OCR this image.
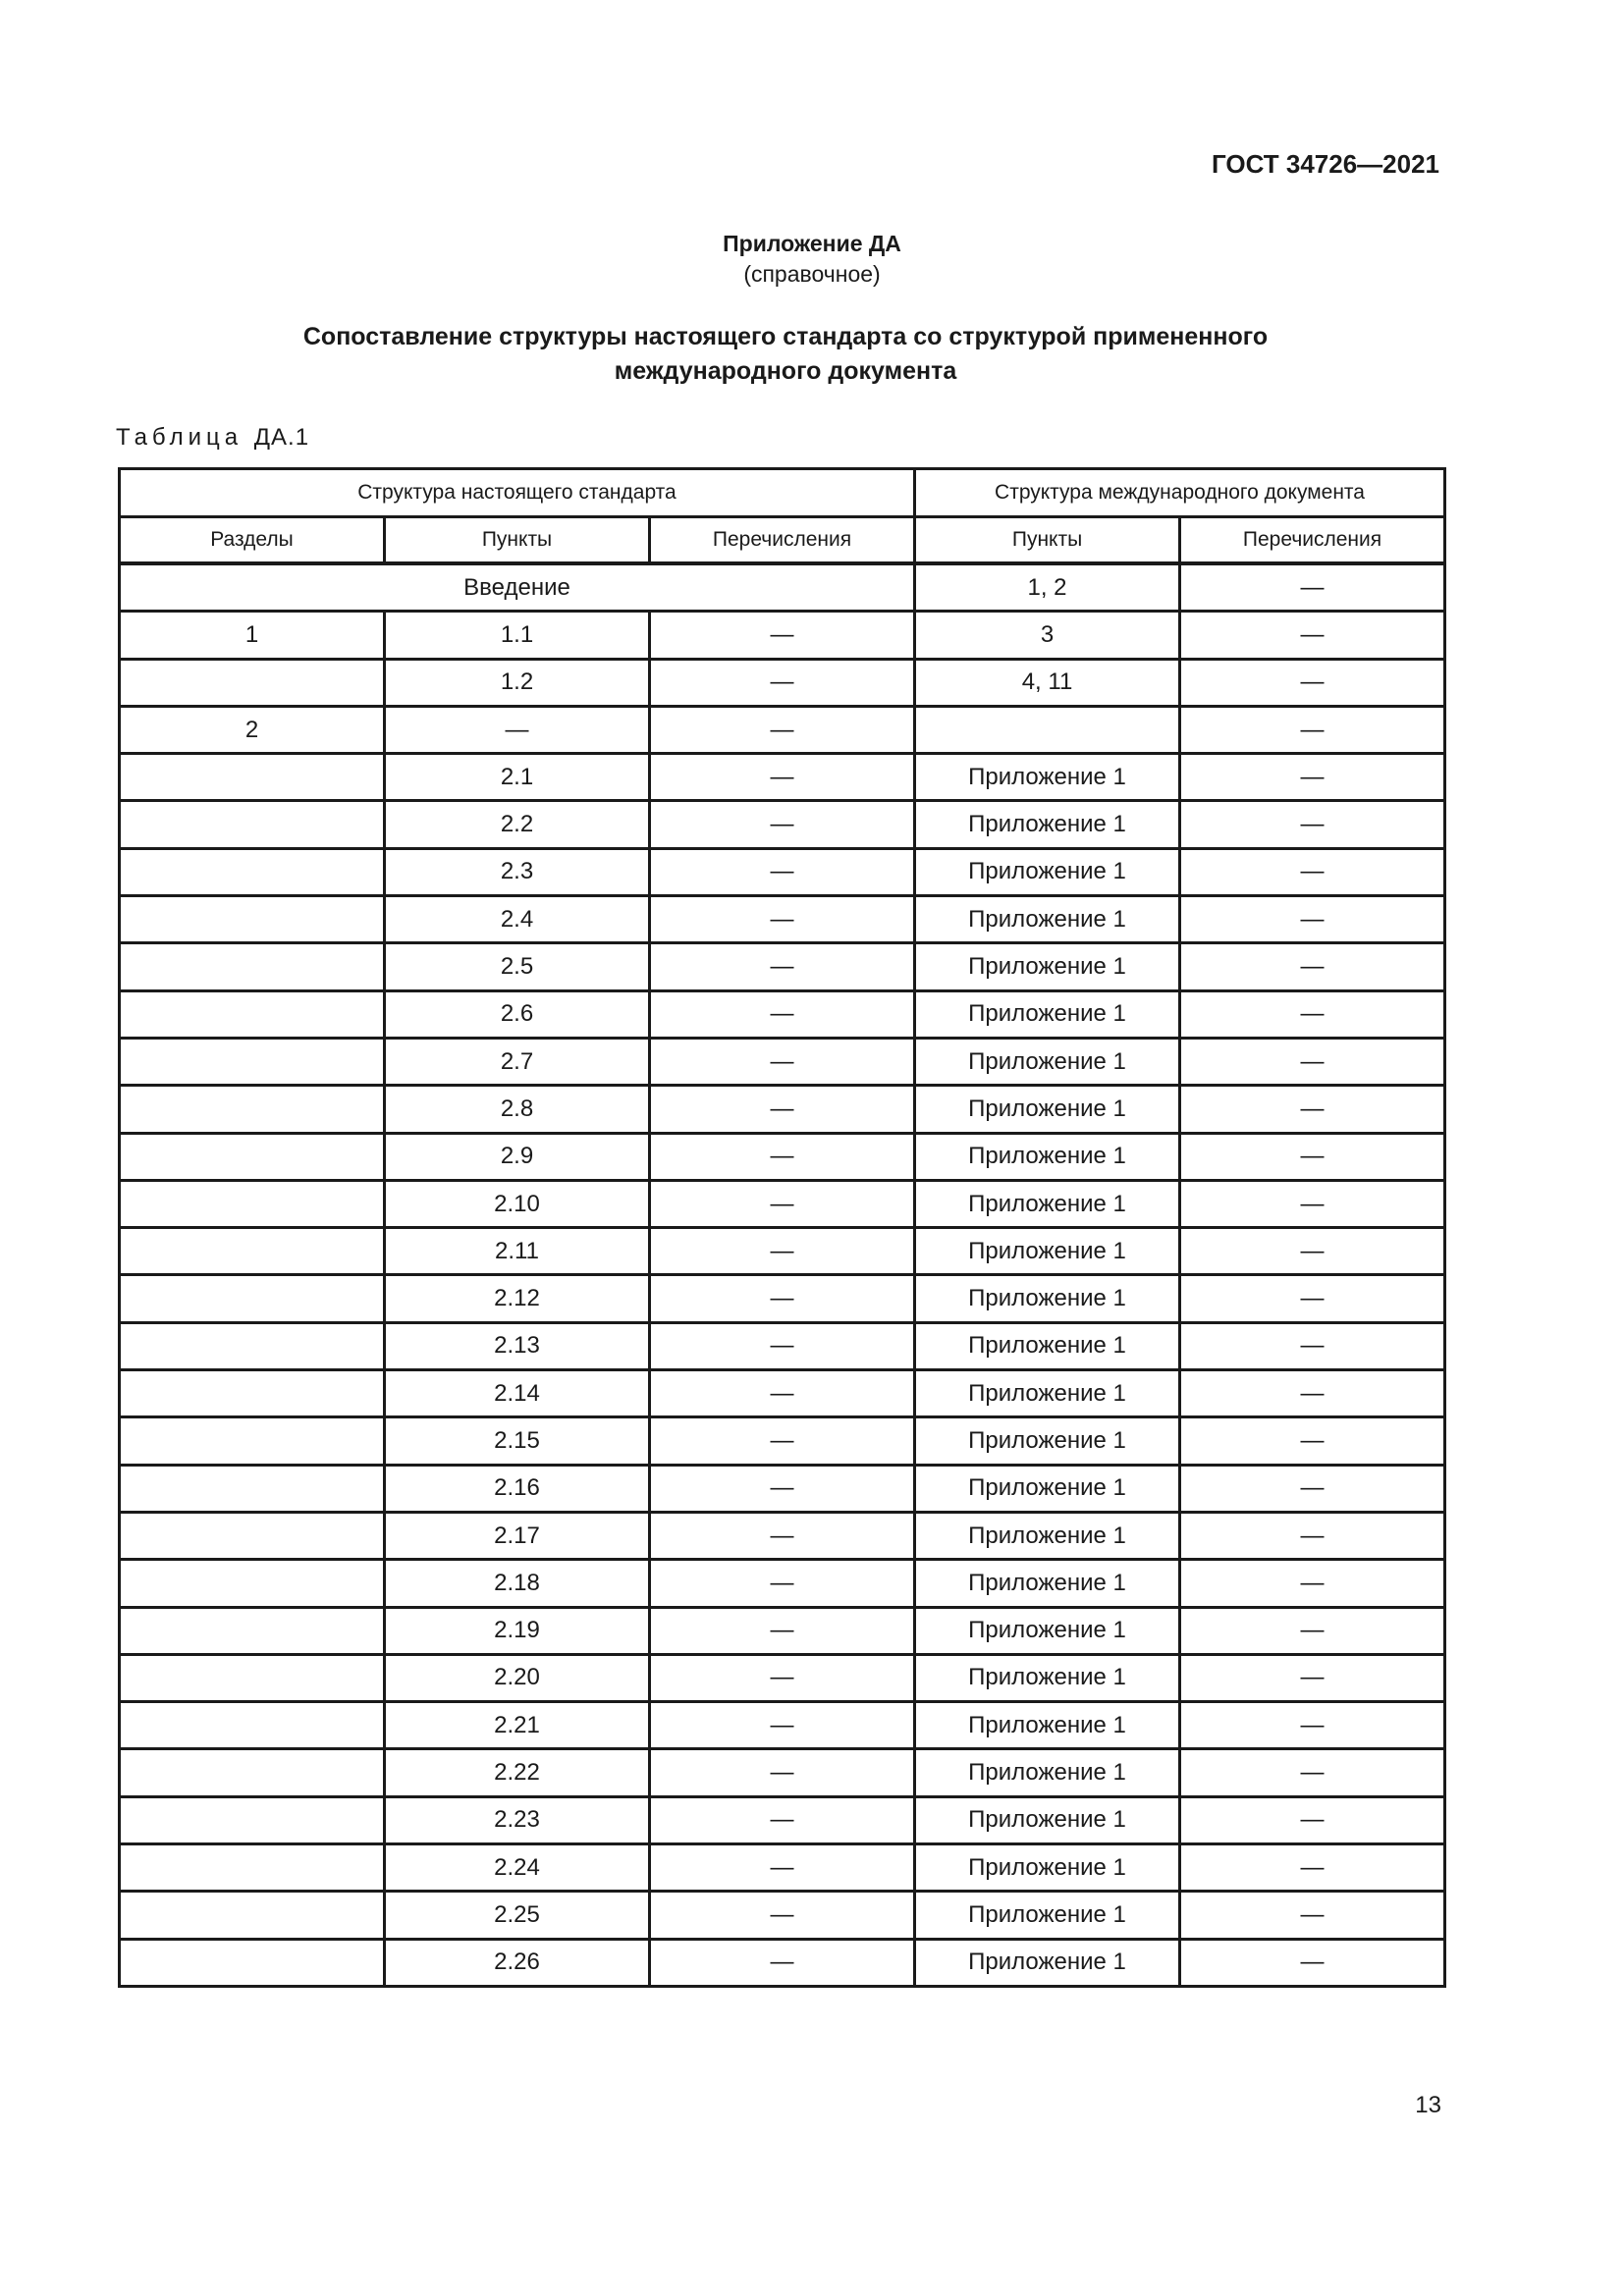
ГОСТ 34726—2021
Приложение ДА
(справочное)
Сопоставление структуры настоящего стандарта со структурой примененного
международного документа
Таблица ДА.1
Структура настоящего стандарта			Структура международного документа	
Разделы	Пункты	Перечисления	Пункты	Перечисления
Введение			1, 2	—
1	1.1	—	3	—
	1.2	—	4, 11	—
2	—	—		—
	2.1	—	Приложение 1	—
	2.2	—	Приложение 1	—
	2.3	—	Приложение 1	—
	2.4	—	Приложение 1	—
	2.5	—	Приложение 1	—
	2.6	—	Приложение 1	—
	2.7	—	Приложение 1	—
	2.8	—	Приложение 1	—
	2.9	—	Приложение 1	—
	2.10	—	Приложение 1	—
	2.11	—	Приложение 1	—
	2.12	—	Приложение 1	—
	2.13	—	Приложение 1	—
	2.14	—	Приложение 1	—
	2.15	—	Приложение 1	—
	2.16	—	Приложение 1	—
	2.17	—	Приложение 1	—
	2.18	—	Приложение 1	—
	2.19	—	Приложение 1	—
	2.20	—	Приложение 1	—
	2.21	—	Приложение 1	—
	2.22	—	Приложение 1	—
	2.23	—	Приложение 1	—
	2.24	—	Приложение 1	—
	2.25	—	Приложение 1	—
	2.26	—	Приложение 1	—
13
